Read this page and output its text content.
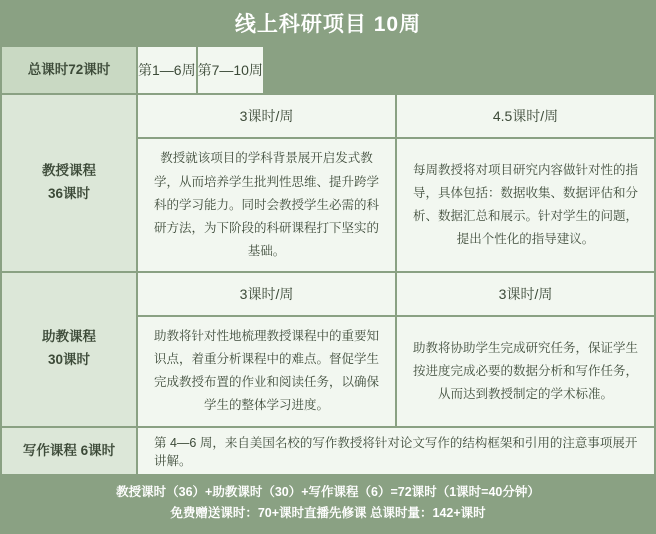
线上科研项目 10周
总课时72课时	第1—6周 第7—10周
教授课程
36课时
3课时/周

教授就该项目的学科背景展开启发式教学，从而培养学生批判性思维、提升跨学科的学习能力。同时会教授学生必需的科研方法，为下阶段的科研课程打下坚实的基础。

4.5课时/周

每周教授将对项目研究内容做针对性的指导，具体包括：数据收集、数据评估和分析、数据汇总和展示。针对学生的问题，提出个性化的指导建议。

助教课程
30课时
3课时/周

助教将针对性地梳理教授课程中的重要知识点，着重分析课程中的难点。督促学生完成教授布置的作业和阅读任务，以确保学生的整体学习进度。

3课时/周

助教将协助学生完成研究任务，保证学生按进度完成必要的数据分析和写作任务，从而达到教授制定的学术标准。

写作课程 6课时
第 4—6 周，来自美国名校的写作教授将针对论文写作的结构框架和引用的注意事项展开讲解。
教授课时（36）+助教课时（30）+写作课程（6）=72课时（1课时=40分钟）
免费赠送课时：70+课时直播先修课 总课时量：142+课时
